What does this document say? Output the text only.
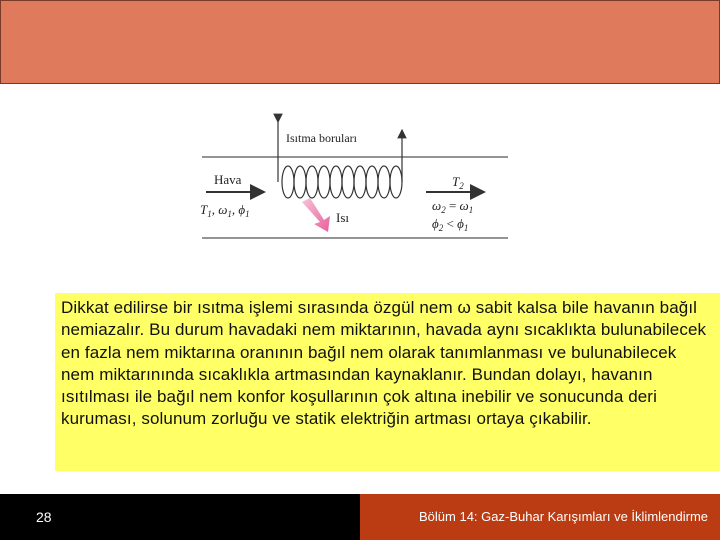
Isıtma boruları
Hava
$T_1$, $\omega_1$, $\phi_1$	Isı
$T_2$
$\omega_2 = \omega_1$
$\phi_2 < \phi_1$

Dikkat edilirse bir ısıtma işlemi sırasında özgül nem ω sabit kalsa bile havanın bağıl nemiazalır. Bu durum havadaki nem miktarının, havada aynı sıcaklıkta bulunabilecek en fazla nem miktarına oranının bağıl nem olarak tanımlanması ve bulunabilecek nem miktarınında sıcaklıkla artmasından kaynaklanır. Bundan dolayı, havanın ısıtılması ile bağıl nem konfor koşullarının çok altına inebilir ve sonucunda deri kuruması, solunum zorluğu ve statik elektriğin artması ortaya çıkabilir.

28	Bölüm 14: Gaz-Buhar Karışımları ve İklimlendirme
